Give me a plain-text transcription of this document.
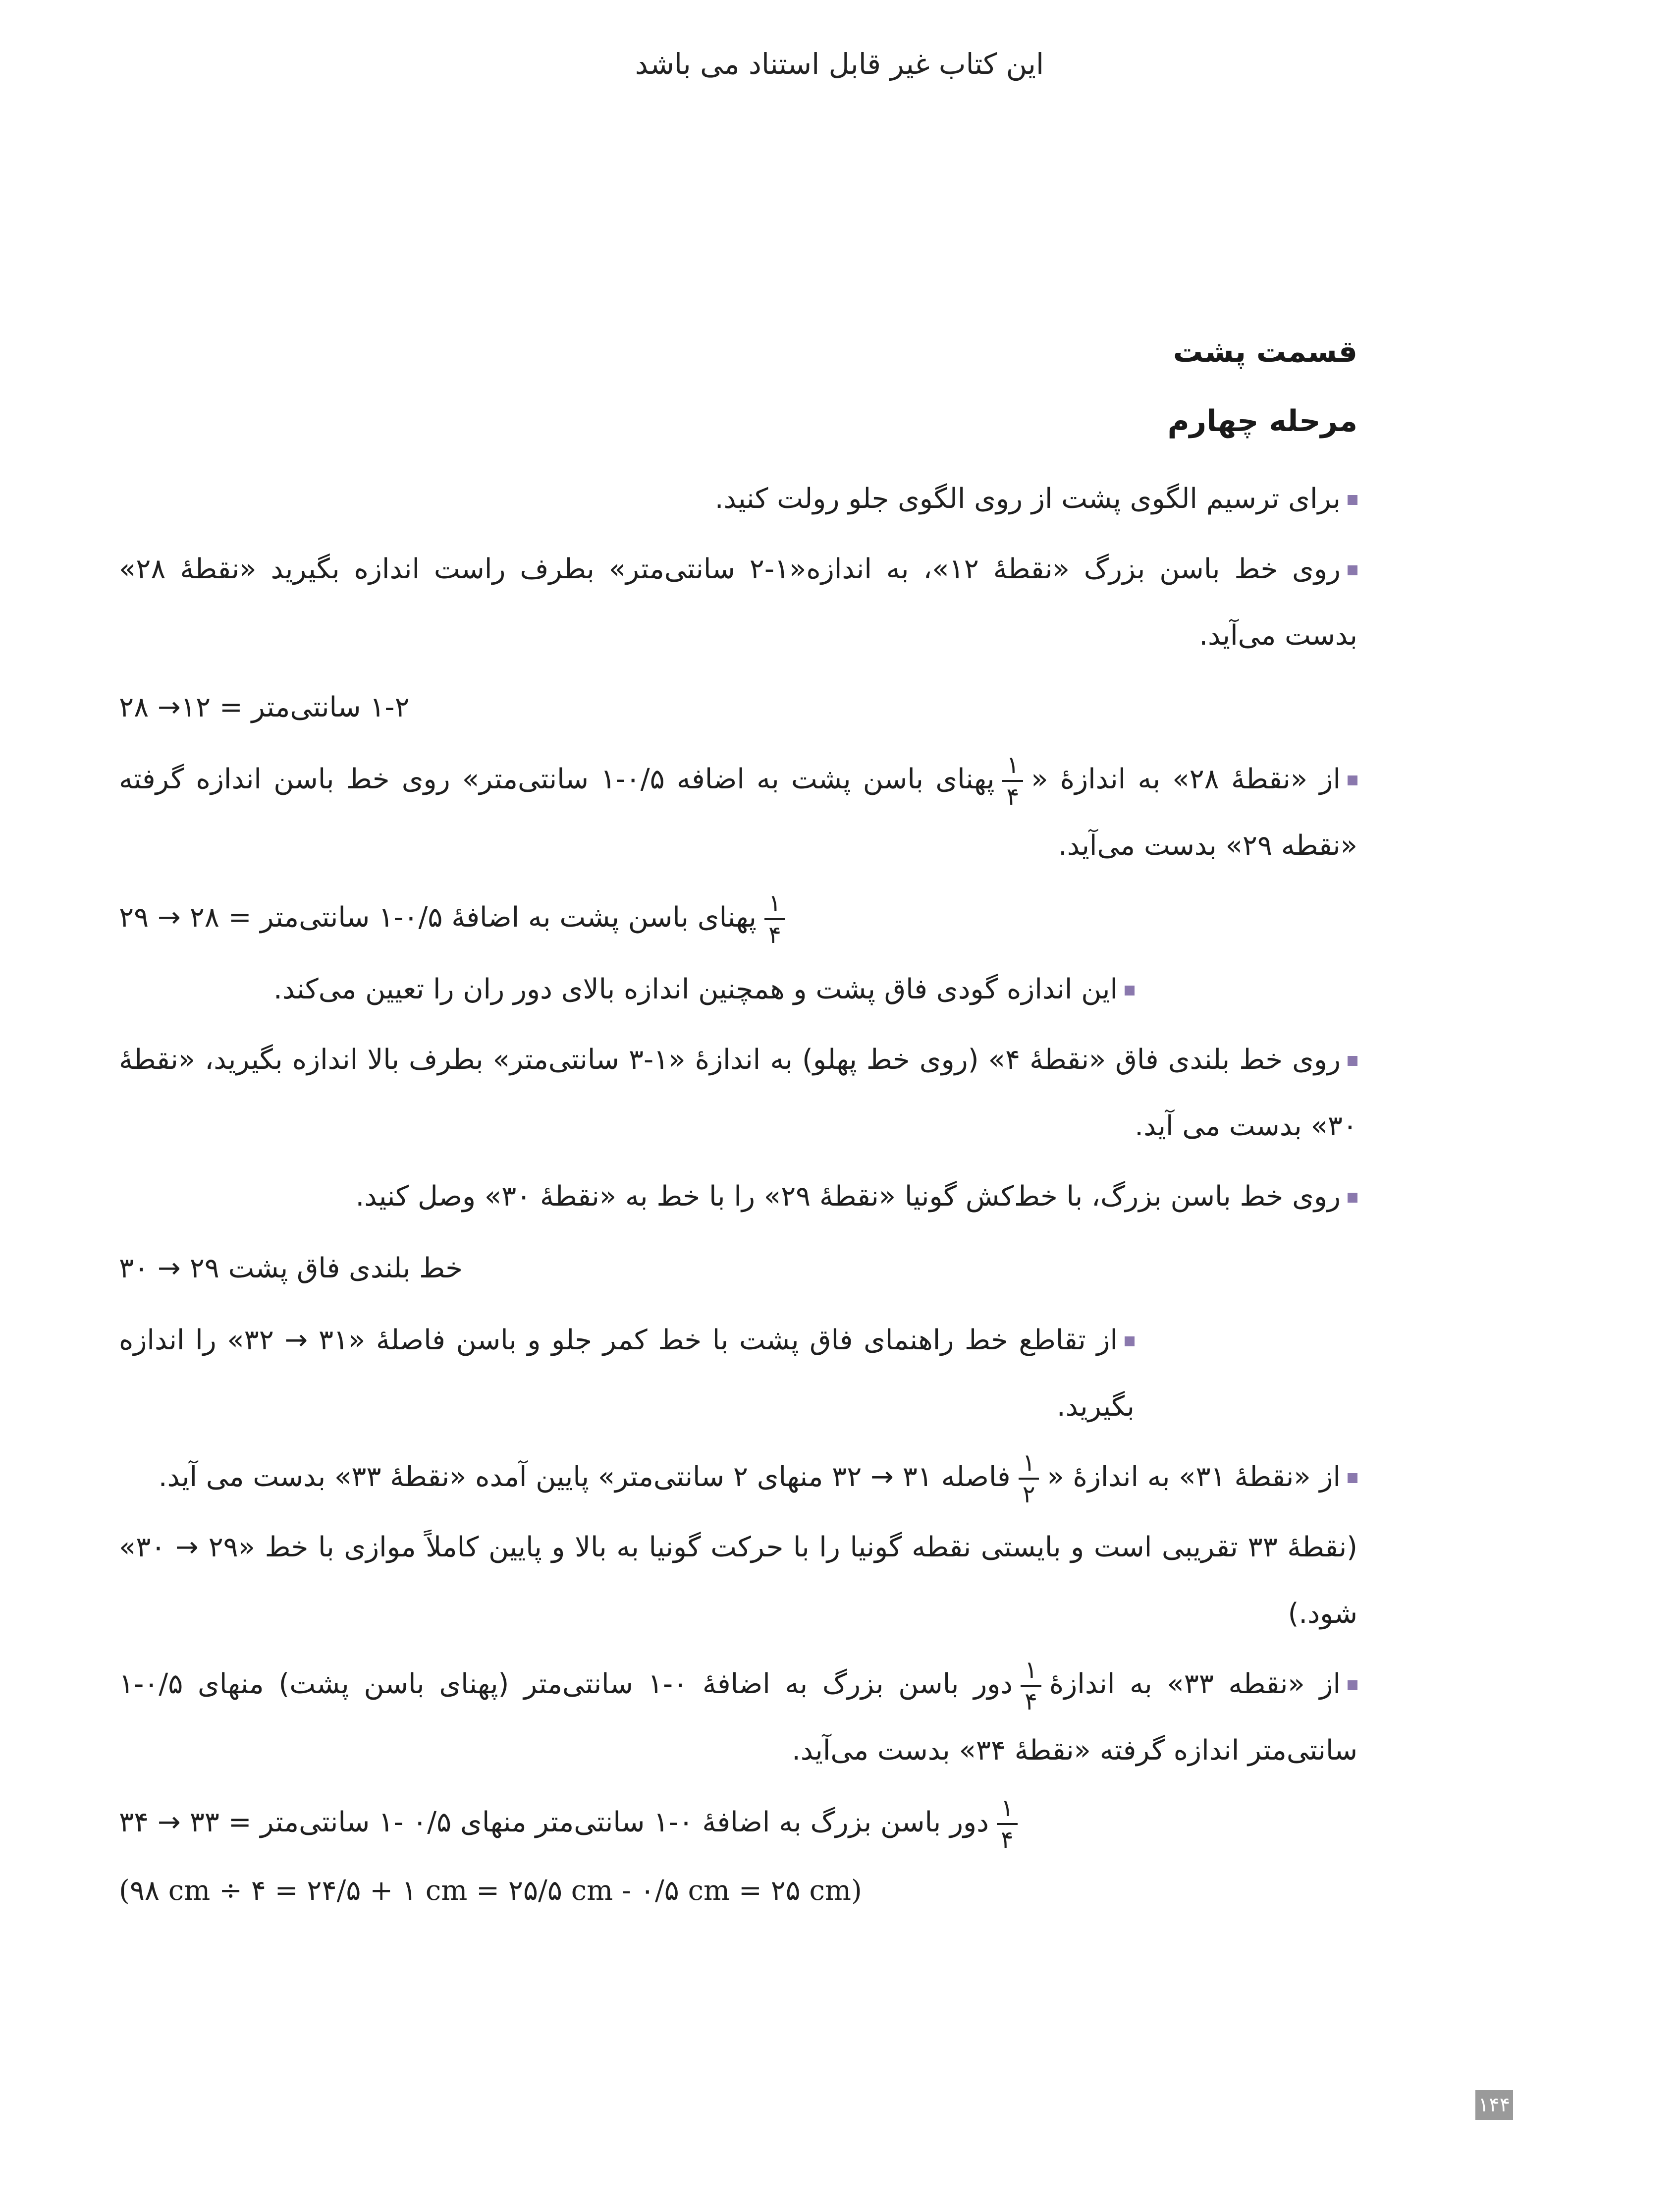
این کتاب غیر قابل استناد می باشد
قسمت پشت
مرحله چهارم

برای ترسیم الگوی پشت از روی الگوی جلو رولت کنید.

روی خط باسن بزرگ «نقطهٔ ۱۲»، به اندازه«۱-۲ سانتی‌متر» بطرف راست اندازه بگیرید «نقطهٔ ۲۸» بدست می‌آید.

۱-۲ سانتی‌متر = ۱۲→ ۲۸

از «نقطهٔ ۲۸» به اندازهٔ «
$\frac{۱}{۴}$
پهنای باسن پشت به اضافه ۰/۵-۱ سانتی‌متر» روی خط باسن اندازه گرفته «نقطه ۲۹» بدست می‌آید.

$\frac{۱}{۴}$
پهنای باسن پشت به اضافهٔ ۰/۵-۱ سانتی‌متر = ۲۸ → ۲۹

این اندازه گودی فاق پشت و همچنین اندازه بالای دور ران را تعیین می‌کند.

روی خط بلندی فاق «نقطهٔ ۴» (روی خط پهلو) به اندازهٔ «۱-۳ سانتی‌متر» بطرف بالا اندازه بگیرید، «نقطهٔ ۳۰» بدست می آید.

روی خط باسن بزرگ، با خط‌کش گونیا «نقطهٔ ۲۹» را با خط به «نقطهٔ ۳۰» وصل کنید.

خط بلندی فاق پشت ۲۹ → ۳۰

از تقاطع خط راهنمای فاق پشت با خط کمر جلو و باسن فاصلهٔ «۳۱ → ۳۲» را اندازه بگیرید.

از «نقطهٔ ۳۱» به اندازهٔ «
$\frac{۱}{۲}$
فاصله ۳۱ → ۳۲ منهای ۲ سانتی‌متر» پایین آمده «نقطهٔ ۳۳» بدست می آید.

(نقطهٔ ۳۳ تقریبی است و بایستی نقطه گونیا را با حرکت گونیا به بالا و پایین کاملاً موازی با خط «۲۹ → ۳۰» شود.)

از «نقطه ۳۳» به اندازهٔ
$\frac{۱}{۴}$
دور باسن بزرگ به اضافهٔ ۰-۱ سانتی‌متر (پهنای باسن پشت) منهای ۰/۵-۱ سانتی‌متر اندازه گرفته «نقطهٔ ۳۴» بدست می‌آید.

$\frac{۱}{۴}$
دور باسن بزرگ به اضافهٔ ۰-۱ سانتی‌متر منهای ۰/۵ -۱ سانتی‌متر = ۳۳ → ۳۴
(۹۸ cm ÷ ۴ = ۲۴/۵ + ۱ cm = ۲۵/۵ cm - ۰/۵ cm = ۲۵ cm)
۱۴۴
